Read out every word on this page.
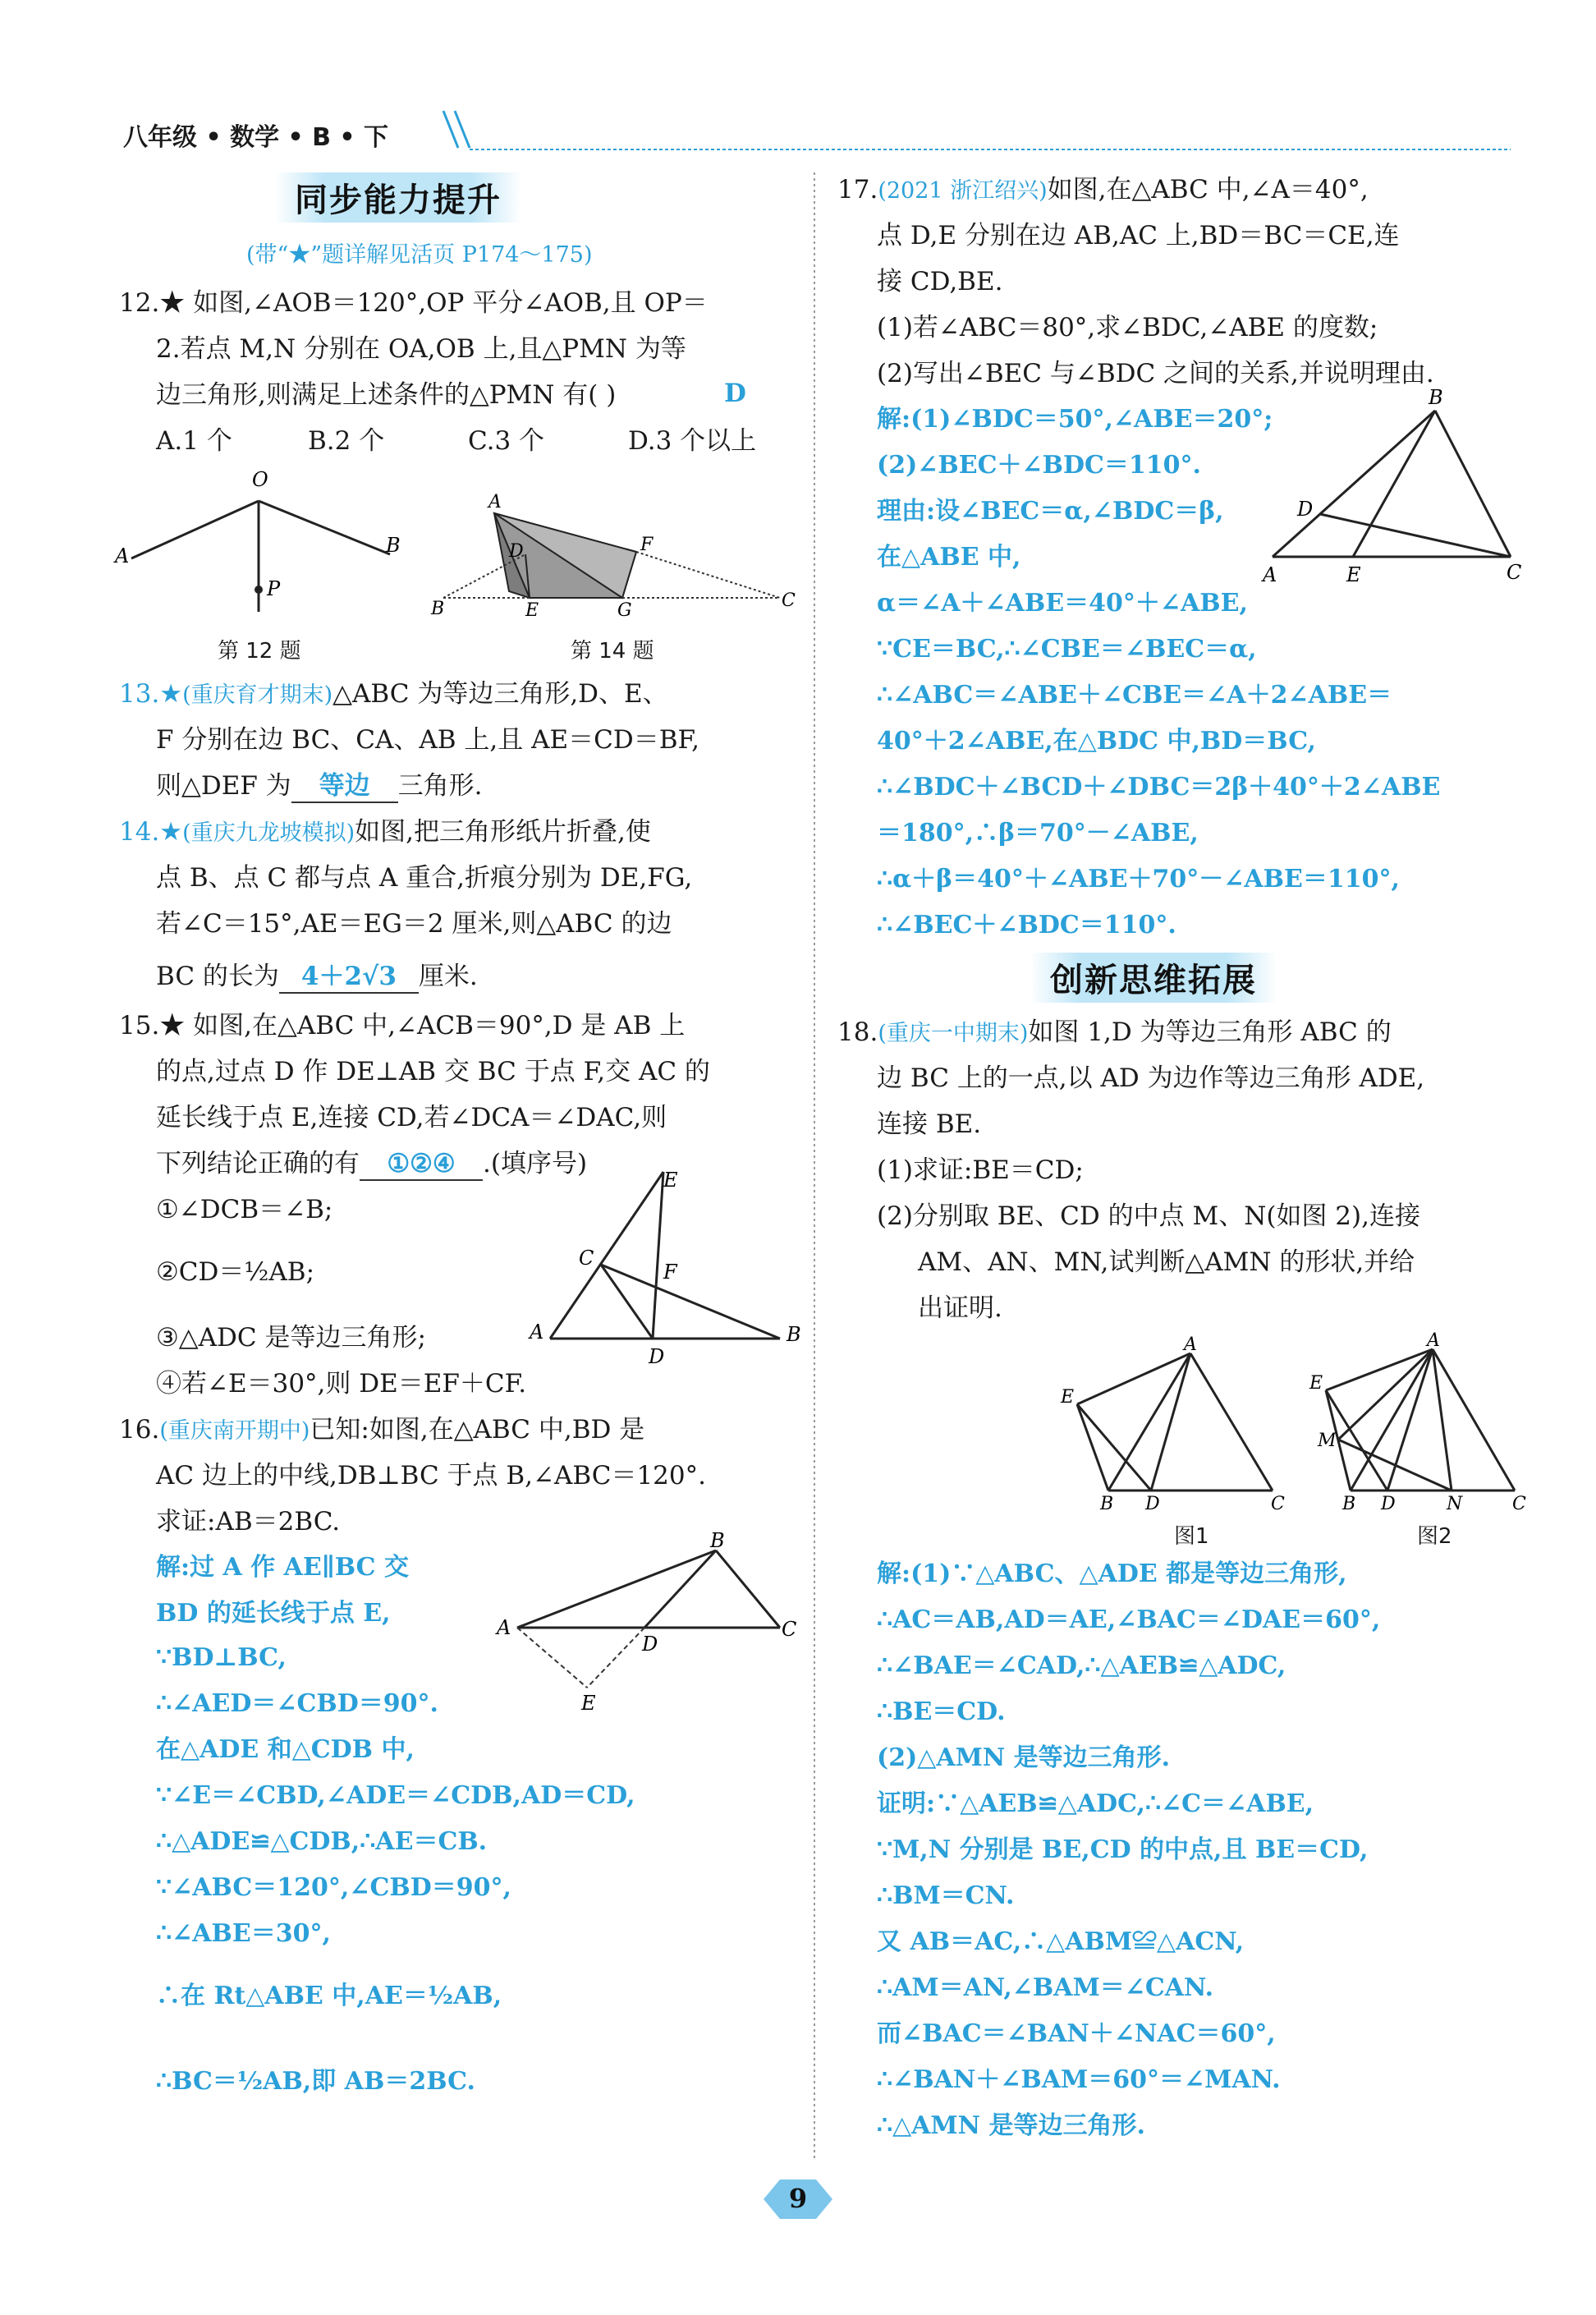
八年级 • 数学 • B • 下
同步能力提升
(带“★”题详解见活页 P174～175)
12.★ 如图,∠AOB＝120°,OP 平分∠AOB,且 OP＝
2.若点 M,N 分别在 OA,OB 上,且△PMN 为等
边三角形,则满足上述条件的△PMN 有( )	D
A.1 个	B.2 个	C.3 个	D.3 个以上
O
A	B
P
第 12 题
A
D	F
B	E	G	C
第 14 题
13.★(重庆育才期末)△ABC 为等边三角形,D、E、
F 分别在边 BC、CA、AB 上,且 AE＝CD＝BF,
则△DEF 为 等边 三角形.
14.★(重庆九龙坡模拟)如图,把三角形纸片折叠,使
点 B、点 C 都与点 A 重合,折痕分别为 DE,FG,
若∠C＝15°,AE＝EG＝2 厘米,则△ABC 的边
BC 的长为 4＋2√3 厘米.
15.★ 如图,在△ABC 中,∠ACB＝90°,D 是 AB 上
的点,过点 D 作 DE⊥AB 交 BC 于点 F,交 AC 的
延长线于点 E,连接 CD,若∠DCA＝∠DAC,则
下列结论正确的有 ①②④ .(填序号)
①∠DCB＝∠B;
②CD＝½AB;
③△ADC 是等边三角形;
④若∠E＝30°,则 DE＝EF＋CF.
E
C
F
A
D
B
16.(重庆南开期中)已知:如图,在△ABC 中,BD 是
AC 边上的中线,DB⊥BC 于点 B,∠ABC＝120°.
求证:AB＝2BC.
解:过 A 作 AE∥BC 交
BD 的延长线于点 E,
∵BD⊥BC,
∴∠AED＝∠CBD＝90°.
在△ADE 和△CDB 中,
∵∠E＝∠CBD,∠ADE＝∠CDB,AD＝CD,
∴△ADE≌△CDB,∴AE＝CB.
∵∠ABC＝120°,∠CBD＝90°,
∴∠ABE＝30°,
∴在 Rt△ABE 中,AE＝½AB,
∴BC＝½AB,即 AB＝2BC.
B
A
D
C
E
17.(2021 浙江绍兴)如图,在△ABC 中,∠A＝40°,
点 D,E 分别在边 AB,AC 上,BD＝BC＝CE,连
接 CD,BE.
(1)若∠ABC＝80°,求∠BDC,∠ABE 的度数;
(2)写出∠BEC 与∠BDC 之间的关系,并说明理由.
解:(1)∠BDC＝50°,∠ABE＝20°;
(2)∠BEC＋∠BDC＝110°.
理由:设∠BEC＝α,∠BDC＝β,
在△ABE 中,
α＝∠A＋∠ABE＝40°＋∠ABE,
∵CE＝BC,∴∠CBE＝∠BEC＝α,
∴∠ABC＝∠ABE＋∠CBE＝∠A＋2∠ABE＝
40°＋2∠ABE,在△BDC 中,BD＝BC,
∴∠BDC＋∠BCD＋∠DBC＝2β＋40°＋2∠ABE
＝180°,∴β＝70°－∠ABE,
∴α＋β＝40°＋∠ABE＋70°－∠ABE＝110°,
∴∠BEC＋∠BDC＝110°.
B
D
A	E	C
创新思维拓展
18.(重庆一中期末)如图 1,D 为等边三角形 ABC 的
边 BC 上的一点,以 AD 为边作等边三角形 ADE,
连接 BE.
(1)求证:BE＝CD;
(2)分别取 BE、CD 的中点 M、N(如图 2),连接
AM、AN、MN,试判断△AMN 的形状,并给
出证明.
A
E
B D	C
图1
A
E
M
B D	N	C
图2
解:(1)∵△ABC、△ADE 都是等边三角形,
∴AC＝AB,AD＝AE,∠BAC＝∠DAE＝60°,
∴∠BAE＝∠CAD,∴△AEB≌△ADC,
∴BE＝CD.
(2)△AMN 是等边三角形.
证明:∵△AEB≌△ADC,∴∠C＝∠ABE,
∵M,N 分别是 BE,CD 的中点,且 BE＝CD,
∴BM＝CN.
又 AB＝AC,∴△ABM≌△ACN,
∴AM＝AN,∠BAM＝∠CAN.
而∠BAC＝∠BAN＋∠NAC＝60°,
∴∠BAN＋∠BAM＝60°＝∠MAN.
∴△AMN 是等边三角形.
9
